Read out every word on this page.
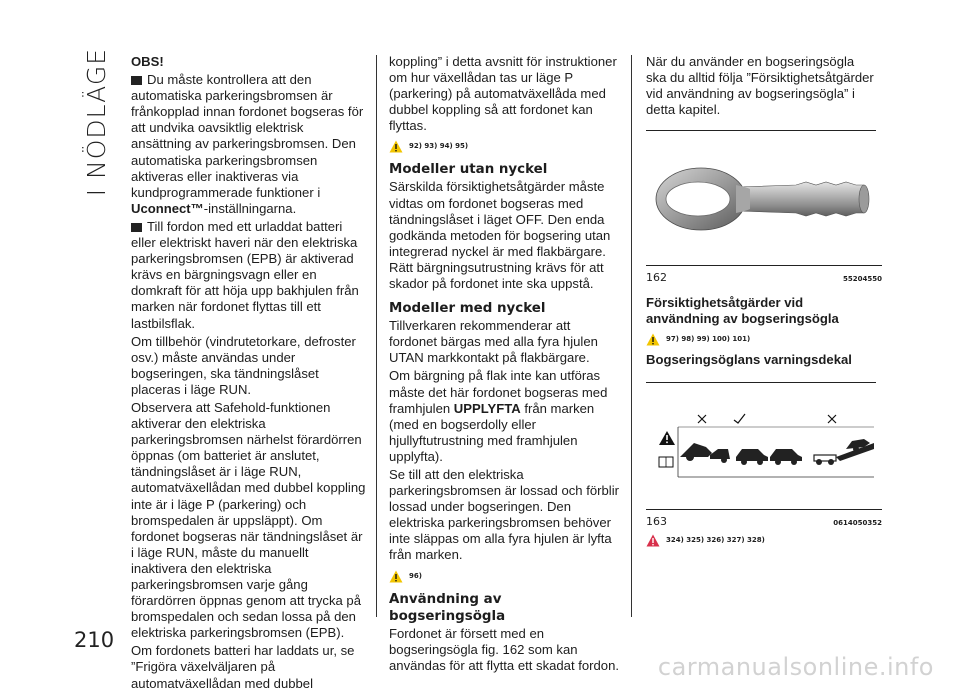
I NÖDLÄGE
210

OBS!

Du måste kontrollera att den automatiska parkeringsbromsen är frånkopplad innan fordonet bogseras för att undvika oavsiktlig elektrisk ansättning av parkeringsbromsen. Den automatiska parkeringsbromsen aktiveras eller inaktiveras via kundprogrammerade funktioner i Uconnect™-inställningarna.

Till fordon med ett urladdat batteri eller elektriskt haveri när den elektriska parkeringsbromsen (EPB) är aktiverad krävs en bärgningsvagn eller en domkraft för att höja upp bakhjulen från marken när fordonet flyttas till ett lastbilsflak.

Om tillbehör (vindrutetorkare, defroster osv.) måste användas under bogseringen, ska tändningslåset placeras i läge RUN.

Observera att Safehold-funktionen aktiverar den elektriska parkeringsbromsen närhelst förardörren öppnas (om batteriet är anslutet, tändningslåset är i läge RUN, automatväxellådan med dubbel koppling inte är i läge P (parkering) och bromspedalen är uppsläppt). Om fordonet bogseras när tändningslåset är i läge RUN, måste du manuellt inaktivera den elektriska parkeringsbromsen varje gång förardörren öppnas genom att trycka på bromspedalen och sedan lossa på den elektriska parkeringsbromsen (EPB).

Om fordonets batteri har laddats ur, se ”Frigöra växelväljaren på automatväxellådan med dubbel

koppling” i detta avsnitt för instruktioner om hur växellådan tas ur läge P (parkering) på automatväxellåda med dubbel koppling så att fordonet kan flyttas.

92) 93) 94) 95)
Modeller utan nyckel

Särskilda försiktighetsåtgärder måste vidtas om fordonet bogseras med tändningslåset i läget OFF. Den enda godkända metoden för bogsering utan integrerad nyckel är med flakbärgare. Rätt bärgningsutrustning krävs för att skador på fordonet inte ska uppstå.

Modeller med nyckel

Tillverkaren rekommenderar att fordonet bärgas med alla fyra hjulen UTAN markkontakt på flakbärgare.

Om bärgning på flak inte kan utföras måste det här fordonet bogseras med framhjulen UPPLYFTA från marken (med en bogserdolly eller hjullyftutrustning med framhjulen upplyfta).

Se till att den elektriska parkeringsbromsen är lossad och förblir lossad under bogseringen. Den elektriska parkeringsbromsen behöver inte släppas om alla fyra hjulen är lyfta från marken.

96)
Användning av bogseringsögla

Fordonet är försett med en bogseringsögla fig. 162 som kan användas för att flytta ett skadat fordon.

När du använder en bogseringsögla ska du alltid följa ”Försiktighetsåtgärder vid användning av bogseringsögla” i detta kapitel.

162	55204550
Försiktighetsåtgärder vid användning av bogseringsögla
97) 98) 99) 100) 101)
Bogseringsöglans varningsdekal
163	0614050352
324) 325) 326) 327) 328)
carmanualsonline.info
